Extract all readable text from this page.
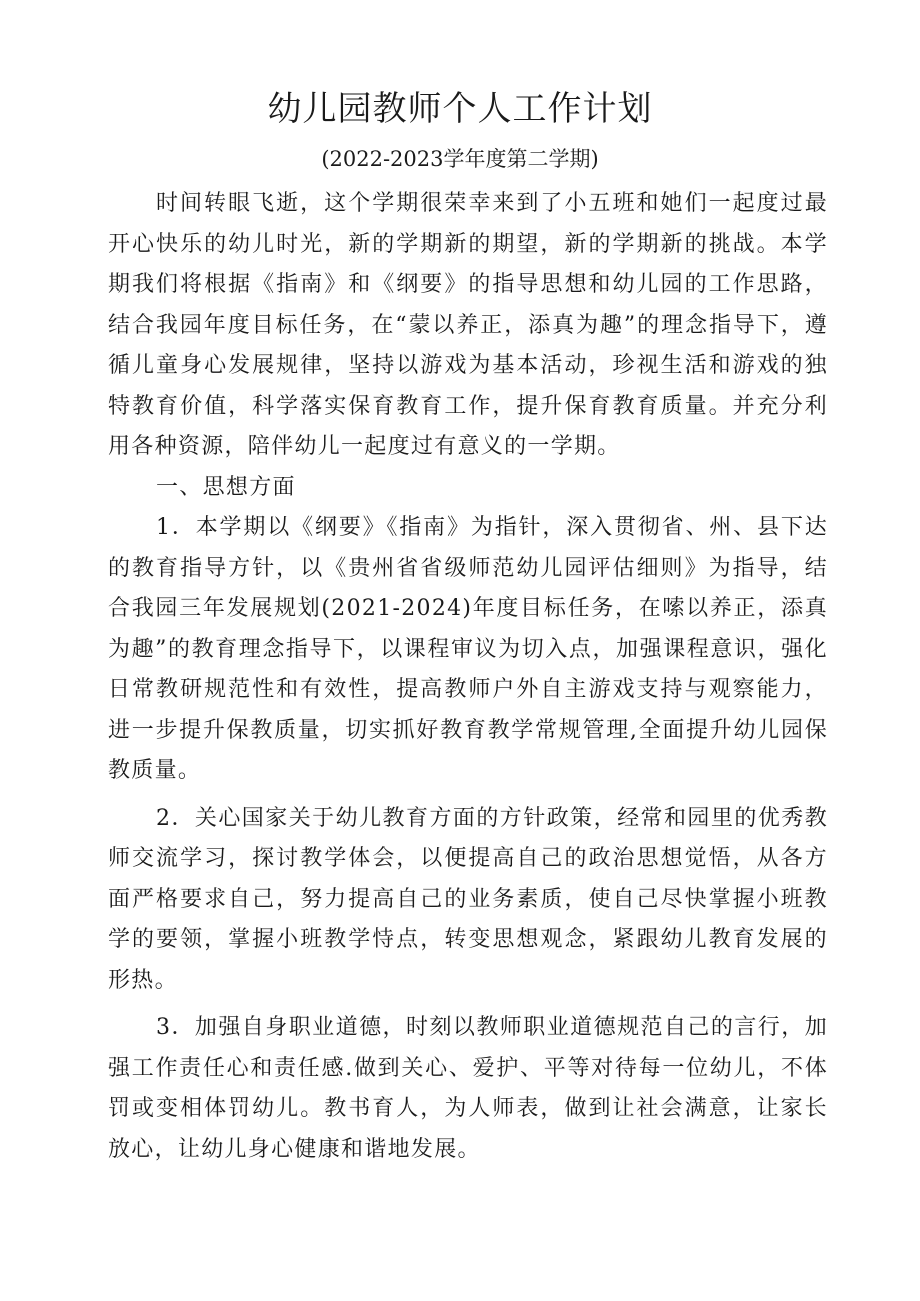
幼儿园教师个人工作计划
(2022-2023学年度第二学期)

时间转眼飞逝，这个学期很荣幸来到了小五班和她们一起度过最开心快乐的幼儿时光，新的学期新的期望，新的学期新的挑战。本学期我们将根据《指南》和《纲要》的指导思想和幼儿园的工作思路，结合我园年度目标任务，在“蒙以养正，添真为趣”的理念指导下，遵循儿童身心发展规律，坚持以游戏为基本活动，珍视生活和游戏的独特教育价值，科学落实保育教育工作，提升保育教育质量。并充分利用各种资源，陪伴幼儿一起度过有意义的一学期。

一、思想方面

1．本学期以《纲要》《指南》为指针，深入贯彻省、州、县下达的教育指导方针，以《贵州省省级师范幼儿园评估细则》为指导，结合我园三年发展规划(2021-2024)年度目标任务，在嗦以养正，添真为趣”的教育理念指导下，以课程审议为切入点，加强课程意识，强化日常教研规范性和有效性，提高教师户外自主游戏支持与观察能力，进一步提升保教质量，切实抓好教育教学常规管理,全面提升幼儿园保教质量。

2．关心国家关于幼儿教育方面的方针政策，经常和园里的优秀教师交流学习，探讨教学体会，以便提高自己的政治思想觉悟，从各方面严格要求自己，努力提高自己的业务素质，使自己尽快掌握小班教学的要领，掌握小班教学恃点，转变思想观念，紧跟幼儿教育发展的形热。

3．加强自身职业道德，时刻以教师职业道德规范自己的言行，加强工作责任心和责任感.做到关心、爱护、平等对待每一位幼儿，不体罚或变相体罚幼儿。教书育人，为人师表，做到让社会满意，让家长放心，让幼儿身心健康和谐地发展。
